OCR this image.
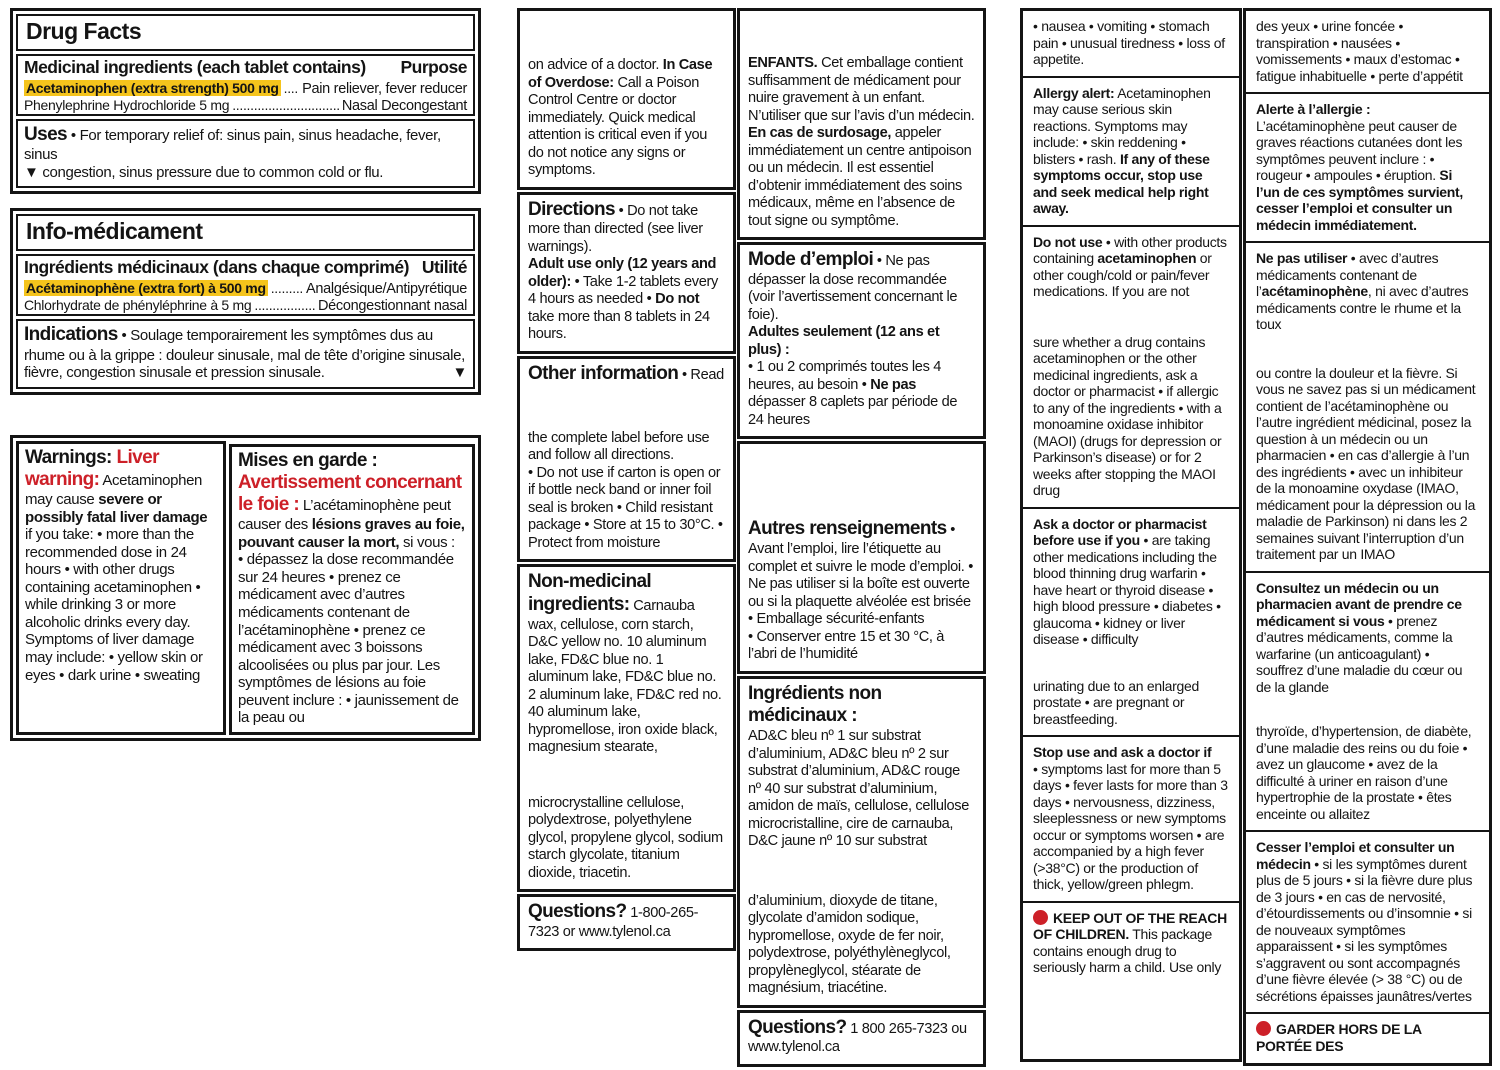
Drug Facts
Medicinal ingredients (each tablet contains) Purpose
Acetaminophen (extra strength) 500 mg ..... Pain reliever, fever reducer
Phenylephrine Hydrochloride 5 mg .....	Nasal Decongestant
Uses • For temporary relief of: sinus pain, sinus headache, fever, sinus
▼ congestion, sinus pressure due to common cold or flu.
Info-médicament
Ingrédients médicinaux (dans chaque comprimé) Utilité
Acétaminophène (extra fort) à 500 mg .....	Analgésique/Antipyrétique
Chlorhydrate de phényléphrine à 5 mg .....	Décongestionnant nasal
Indications • Soulage temporairement les symptômes dus au rhume ou à la grippe : douleur sinusale, mal de tête d’origine sinusale, fièvre, congestion sinusale et pression sinusale.	▼
Warnings: Liver warning: Acetaminophen may cause severe or possibly fatal liver damage if you take: • more than the recommended dose in 24 hours • with other drugs containing acetaminophen • while drinking 3 or more alcoholic drinks every day. Symptoms of liver damage may include: • yellow skin or eyes • dark urine • sweating
Mises en garde : Avertissement concernant le foie : L’acétaminophène peut causer des lésions graves au foie, pouvant causer la mort, si vous :
• dépassez la dose recommandée sur 24 heures • prenez ce médicament avec d’autres médicaments contenant de l’acétaminophène • prenez ce médicament avec 3 boissons alcoolisées ou plus par jour. Les symptômes de lésions au foie peuvent inclure : • jaunissement de la peau ou
on advice of a doctor. In Case of Overdose: Call a Poison Control Centre or doctor immediately. Quick medical attention is critical even if you do not notice any signs or symptoms.
Directions • Do not take more than directed (see liver warnings).
Adult use only (12 years and older): • Take 1-2 tablets every 4 hours as needed • Do not take more than 8 tablets in 24 hours.
Other information • Read
the complete label before use and follow all directions.
• Do not use if carton is open or if bottle neck band or inner foil seal is broken • Child resistant package • Store at 15 to 30°C. • Protect from moisture
Non-medicinal ingredients: Carnauba wax, cellulose, corn starch, D&C yellow no. 10 aluminum lake, FD&C blue no. 1 aluminum lake, FD&C blue no. 2 aluminum lake, FD&C red no. 40 aluminum lake, hypromellose, iron oxide black, magnesium stearate,
microcrystalline cellulose, polydextrose, polyethylene glycol, propylene glycol, sodium starch glycolate, titanium dioxide, triacetin.
Questions? 1-800-265-7323 or www.tylenol.ca
ENFANTS. Cet emballage contient suffisamment de médicament pour nuire gravement à un enfant. N’utiliser que sur l’avis d’un médecin. En cas de surdosage, appeler immédiatement un centre antipoison ou un médecin. Il est essentiel d’obtenir immédiatement des soins médicaux, même en l’absence de tout signe ou symptôme.
Mode d’emploi • Ne pas dépasser la dose recommandée (voir l’avertissement concernant le foie).
Adultes seulement (12 ans et plus) :
• 1 ou 2 comprimés toutes les 4 heures, au besoin • Ne pas dépasser 8 caplets par période de 24 heures
Autres renseignements • Avant l’emploi, lire l’étiquette au complet et suivre le mode d’emploi. • Ne pas utiliser si la boîte est ouverte ou si la plaquette alvéolée est brisée
• Emballage sécurité-enfants
• Conserver entre 15 et 30 °C, à l’abri de l’humidité
Ingrédients non médicinaux :
AD&C bleu nº 1 sur substrat d’aluminium, AD&C bleu nº 2 sur substrat d’aluminium, AD&C rouge nº 40 sur substrat d’aluminium, amidon de maïs, cellulose, cellulose microcristalline, cire de carnauba, D&C jaune nº 10 sur substrat
d’aluminium, dioxyde de titane, glycolate d’amidon sodique, hypromellose, oxyde de fer noir, polydextrose, polyéthylèneglycol, propylèneglycol, stéarate de magnésium, triacétine.
Questions? 1 800 265-7323 ou www.tylenol.ca
• nausea • vomiting • stomach pain • unusual tiredness • loss of appetite.
Allergy alert: Acetaminophen may cause serious skin reactions. Symptoms may include: • skin reddening • blisters • rash. If any of these symptoms occur, stop use and seek medical help right away.
Do not use • with other products containing acetaminophen or other cough/cold or pain/fever medications. If you are not
sure whether a drug contains acetaminophen or the other medicinal ingredients, ask a doctor or pharmacist • if allergic to any of the ingredients • with a monoamine oxidase inhibitor (MAOI) (drugs for depression or Parkinson’s disease) or for 2 weeks after stopping the MAOI drug
Ask a doctor or pharmacist before use if you • are taking other medications including the blood thinning drug warfarin • have heart or thyroid disease • high blood pressure • diabetes • glaucoma • kidney or liver disease • difficulty
urinating due to an enlarged prostate • are pregnant or breastfeeding.
Stop use and ask a doctor if
• symptoms last for more than 5 days • fever lasts for more than 3 days • nervousness, dizziness, sleeplessness or new symptoms occur or symptoms worsen • are accompanied by a high fever (>38°C) or the production of thick, yellow/green phlegm.
KEEP OUT OF THE REACH OF CHILDREN. This package contains enough drug to seriously harm a child. Use only
des yeux • urine foncée • transpiration • nausées • vomissements • maux d’estomac • fatigue inhabituelle • perte d’appétit
Alerte à l’allergie : L’acétaminophène peut causer de graves réactions cutanées dont les symptômes peuvent inclure : • rougeur • ampoules • éruption. Si l’un de ces symptômes survient, cesser l’emploi et consulter un médecin immédiatement.
Ne pas utiliser • avec d’autres médicaments contenant de l’acétaminophène, ni avec d’autres médicaments contre le rhume et la toux
ou contre la douleur et la fièvre. Si vous ne savez pas si un médicament contient de l’acétaminophène ou l’autre ingrédient médicinal, posez la question à un médecin ou un pharmacien • en cas d’allergie à l’un des ingrédients • avec un inhibiteur de la monoamine oxydase (IMAO, médicament pour la dépression ou la maladie de Parkinson) ni dans les 2 semaines suivant l’interruption d’un traitement par un IMAO
Consultez un médecin ou un pharmacien avant de prendre ce médicament si vous • prenez d’autres médicaments, comme la warfarine (un anticoagulant) • souffrez d’une maladie du cœur ou de la glande
thyroïde, d’hypertension, de diabète, d’une maladie des reins ou du foie • avez un glaucome • avez de la difficulté à uriner en raison d’une hypertrophie de la prostate • êtes enceinte ou allaitez
Cesser l’emploi et consulter un médecin • si les symptômes durent plus de 5 jours • si la fièvre dure plus de 3 jours • en cas de nervosité, d’étourdissements ou d’insomnie • si de nouveaux symptômes apparaissent • si les symptômes s’aggravent ou sont accompagnés d’une fièvre élevée (> 38 °C) ou de sécrétions épaisses jaunâtres/vertes
GARDER HORS DE LA PORTÉE DES
